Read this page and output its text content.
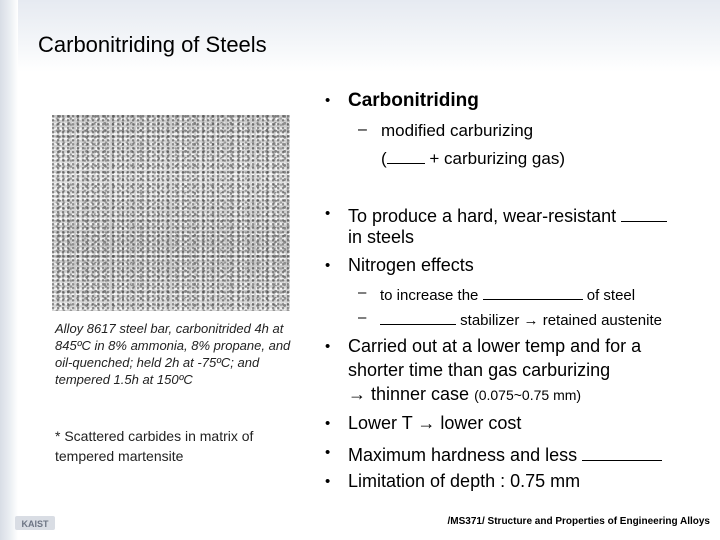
Carbonitriding of Steels
Alloy 8617 steel bar, carbonitrided 4h at 845ºC in 8% ammonia, 8% propane, and oil-quenched; held 2h at -75ºC; and tempered 1.5h at 150ºC
* Scattered carbides in matrix of tempered martensite
• Carbonitriding
– modified carburizing
( + carburizing gas)
• To produce a hard, wear-resistant
in steels
• Nitrogen effects
– to increase the	of steel
–	stabilizer → retained austenite
• Carried out at a lower temp and for a
shorter time than gas carburizing
→ thinner case (0.075~0.75 mm)
• Lower T → lower cost
• Maximum hardness and less
• Limitation of depth : 0.75 mm
KAIST	/MS371/ Structure and Properties of Engineering Alloys
